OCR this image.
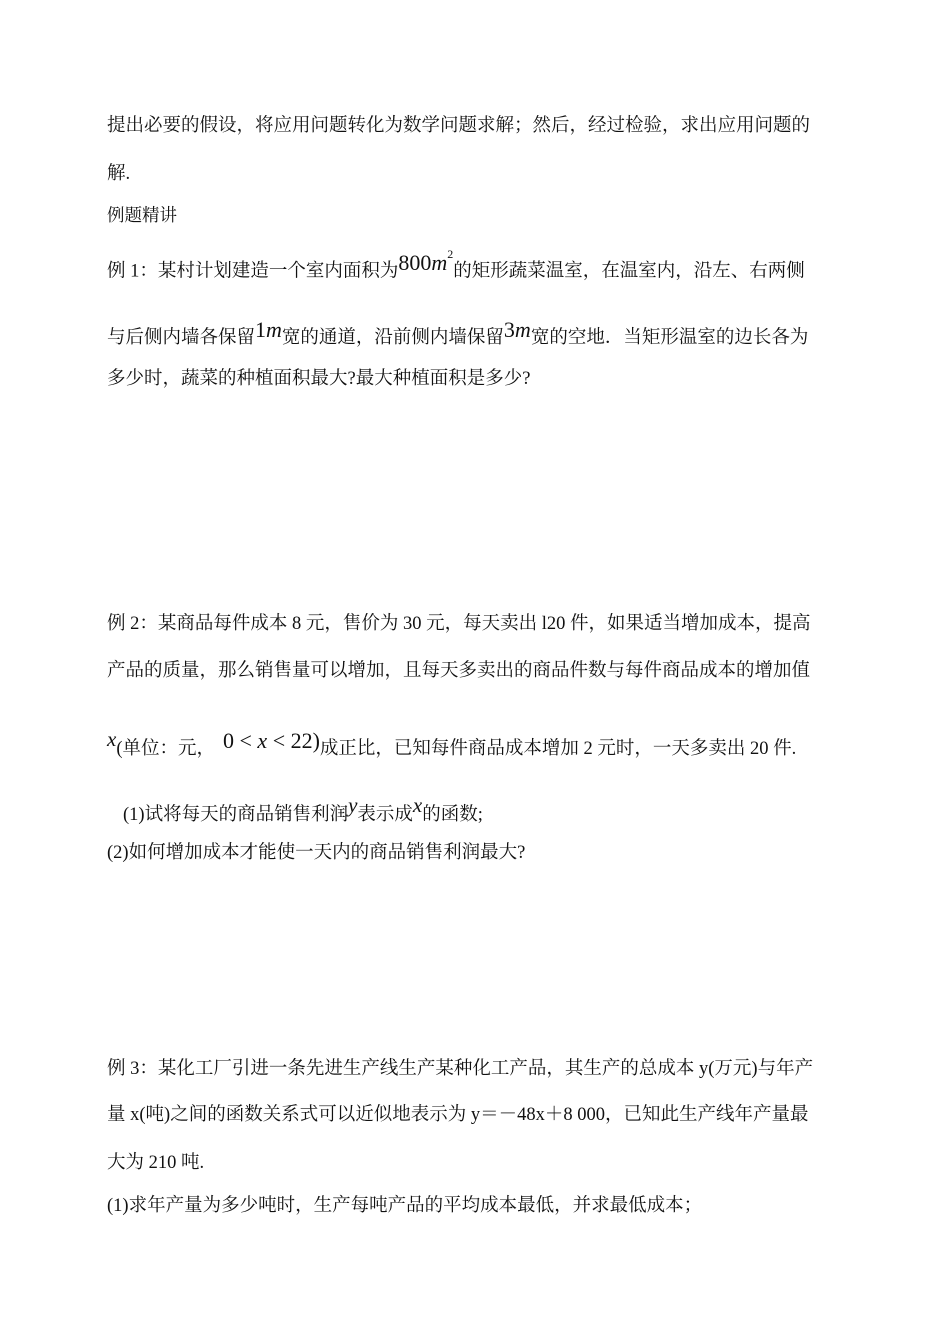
提出必要的假设，将应用问题转化为数学问题求解；然后，经过检验，求出应用问题的
解.
例题精讲
例 1：某村计划建造一个室内面积为$800m^2$的矩形蔬菜温室，在温室内，沿左、右两侧
与后侧内墙各保留1m宽的通道，沿前侧内墙保留3m宽的空地．当矩形温室的边长各为
多少时，蔬菜的种植面积最大?最大种植面积是多少?
例 2：某商品每件成本 8 元，售价为 30 元，每天卖出 l20 件，如果适当增加成本，提高
产品的质量，那么销售量可以增加，且每天多卖出的商品件数与每件商品成本的增加值
x(单位：元， 0 < x < 22)成正比，已知每件商品成本增加 2 元时，一天多卖出 20 件.
(1)试将每天的商品销售利润y表示成x的函数;
(2)如何增加成本才能使一天内的商品销售利润最大?
例 3：某化工厂引进一条先进生产线生产某种化工产品，其生产的总成本 y(万元)与年产
量 x(吨)之间的函数关系式可以近似地表示为 y＝－48x＋8 000，已知此生产线年产量最
大为 210 吨.
(1)求年产量为多少吨时，生产每吨产品的平均成本最低，并求最低成本；
